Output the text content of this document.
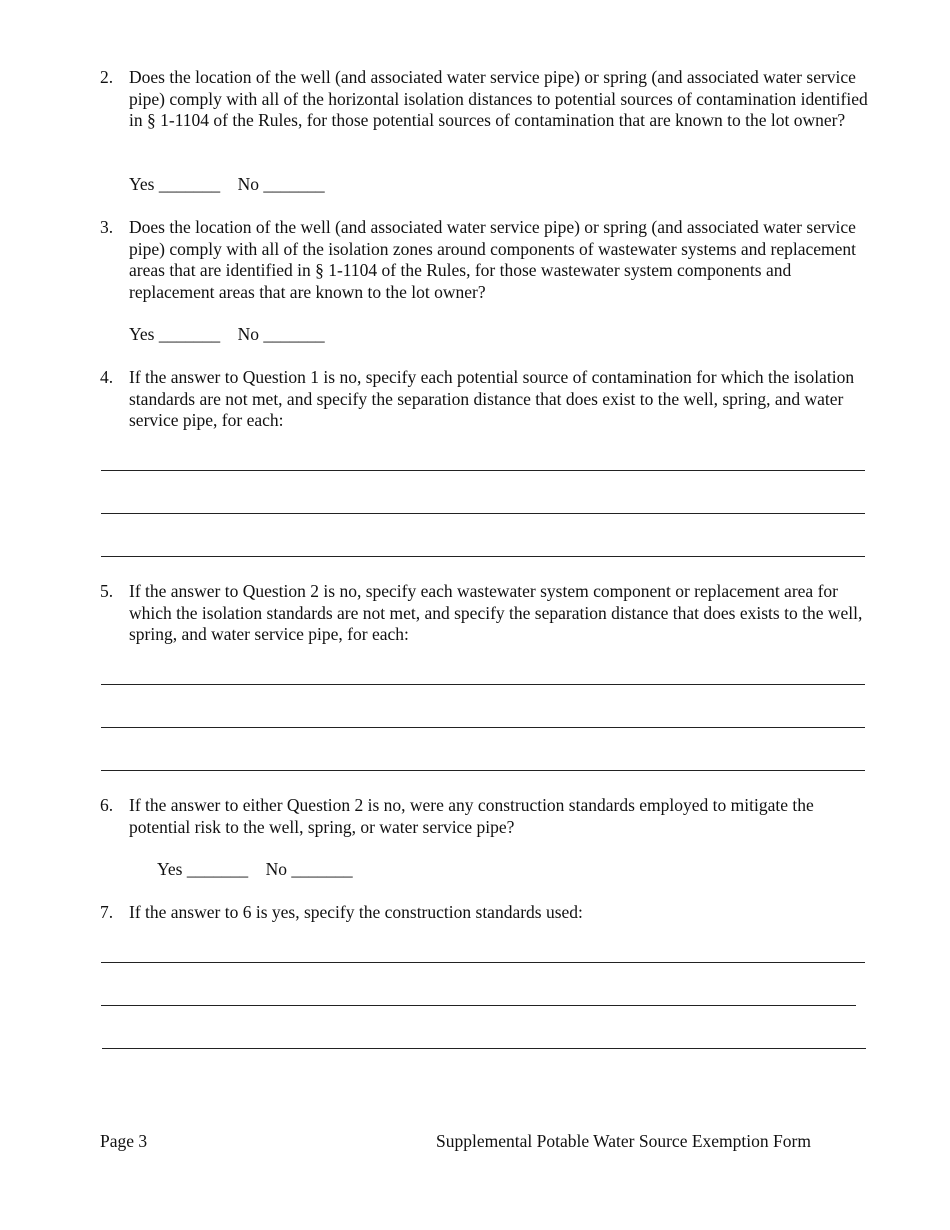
2. Does the location of the well (and associated water service pipe) or spring (and associated water service pipe) comply with all of the horizontal isolation distances to potential sources of contamination identified in § 1-1104 of the Rules, for those potential sources of contamination that are known to the lot owner?
Yes _______    No _______
3. Does the location of the well (and associated water service pipe) or spring (and associated water service pipe) comply with all of the isolation zones around components of wastewater systems and replacement areas that are identified in § 1-1104 of the Rules, for those wastewater system components and replacement areas that are known to the lot owner?
Yes _______    No _______
4. If the answer to Question 1 is no, specify each potential source of contamination for which the isolation standards are not met, and specify the separation distance that does exist to the well, spring, and water service pipe, for each:
5. If the answer to Question 2 is no, specify each wastewater system component or replacement area for which the isolation standards are not met, and specify the separation distance that does exists to the well, spring, and water service pipe, for each:
6. If the answer to either Question 2 is no, were any construction standards employed to mitigate the potential risk to the well, spring, or water service pipe?
Yes _______    No _______
7. If the answer to 6 is yes, specify the construction standards used:
Page 3	Supplemental Potable Water Source Exemption Form
